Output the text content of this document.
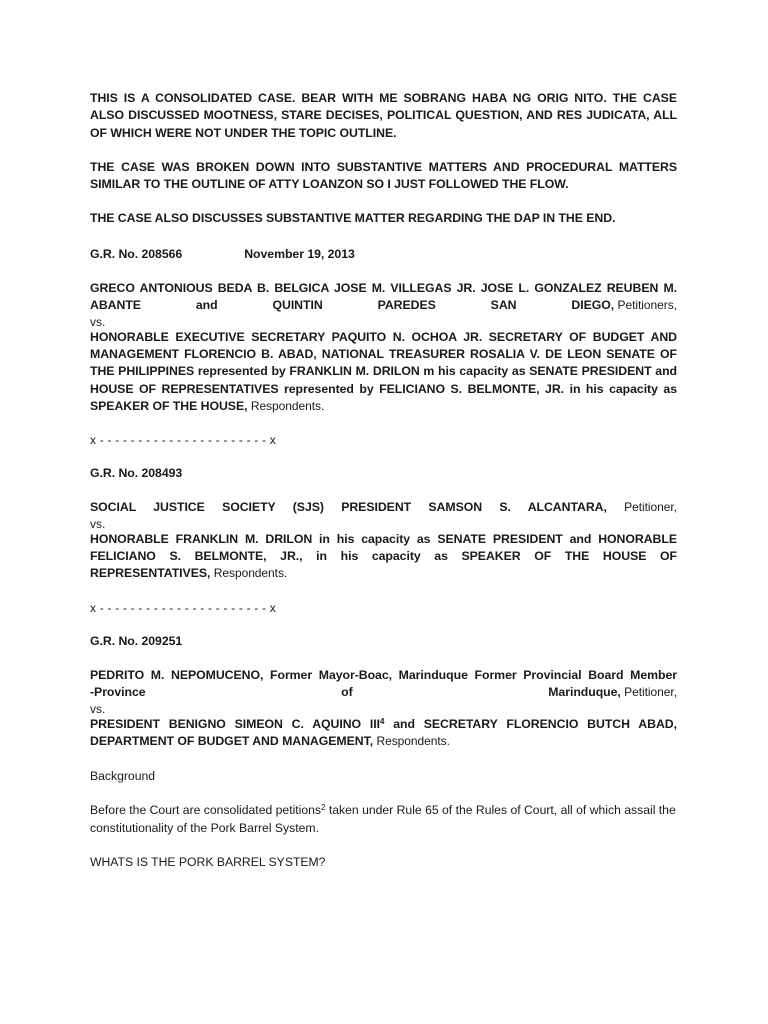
THIS IS A CONSOLIDATED CASE. BEAR WITH ME SOBRANG HABA NG ORIG NITO. THE CASE ALSO DISCUSSED MOOTNESS, STARE DECISES, POLITICAL QUESTION, AND RES JUDICATA, ALL OF WHICH WERE NOT UNDER THE TOPIC OUTLINE.
THE CASE WAS BROKEN DOWN INTO SUBSTANTIVE MATTERS AND PROCEDURAL MATTERS SIMILAR TO THE OUTLINE OF ATTY LOANZON SO I JUST FOLLOWED THE FLOW.
THE CASE ALSO DISCUSSES SUBSTANTIVE MATTER REGARDING THE DAP IN THE END.
G.R. No. 208566	November 19, 2013
GRECO ANTONIOUS BEDA B. BELGICA JOSE M. VILLEGAS JR. JOSE L. GONZALEZ REUBEN M.
ABANTE	and	QUINTIN	PAREDES	SAN	DIEGO, Petitioners,
vs.
HONORABLE EXECUTIVE SECRETARY PAQUITO N. OCHOA JR. SECRETARY OF BUDGET AND MANAGEMENT FLORENCIO B. ABAD, NATIONAL TREASURER ROSALIA V. DE LEON SENATE OF THE PHILIPPINES represented by FRANKLIN M. DRILON m his capacity as SENATE PRESIDENT and HOUSE OF REPRESENTATIVES represented by FELICIANO S. BELMONTE, JR. in his capacity as SPEAKER OF THE HOUSE, Respondents.
x - - - - - - - - - - - - - - - - - - - - - - x
G.R. No. 208493
SOCIAL JUSTICE SOCIETY (SJS) PRESIDENT SAMSON S. ALCANTARA, Petitioner,
vs.
HONORABLE FRANKLIN M. DRILON in his capacity as SENATE PRESIDENT and HONORABLE FELICIANO S. BELMONTE, JR., in his capacity as SPEAKER OF THE HOUSE OF REPRESENTATIVES, Respondents.
x - - - - - - - - - - - - - - - - - - - - - - x
G.R. No. 209251
PEDRITO M. NEPOMUCENO, Former Mayor-Boac, Marinduque Former Provincial Board Member
-Province	of	Marinduque, Petitioner,
vs.
PRESIDENT BENIGNO SIMEON C. AQUINO III$^4$ and SECRETARY FLORENCIO BUTCH ABAD, DEPARTMENT OF BUDGET AND MANAGEMENT, Respondents.
Background
Before the Court are consolidated petitions$^2$ taken under Rule 65 of the Rules of Court, all of which assail the constitutionality of the Pork Barrel System.
WHATS IS THE PORK BARREL SYSTEM?
